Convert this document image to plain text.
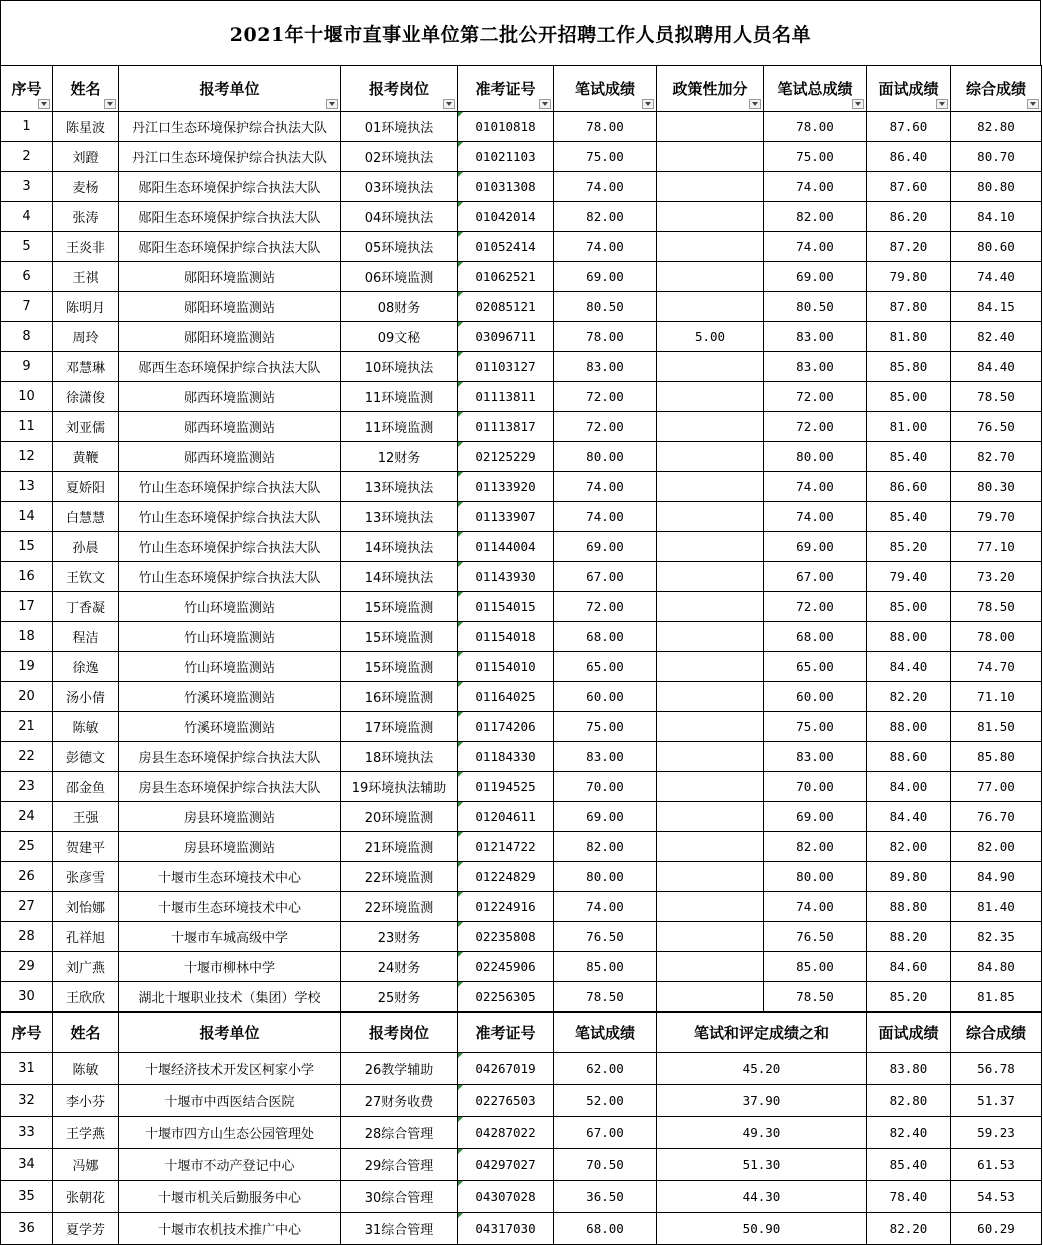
2021年十堰市直事业单位第二批公开招聘工作人员拟聘用人员名单
序号	姓名	报考单位	报考岗位	准考证号	笔试成绩	政策性加分	笔试总成绩	面试成绩	综合成绩

1	陈星波	丹江口生态环境保护综合执法大队	01环境执法	01010818	78.00		78.00	87.60	82.80
2	刘蹬	丹江口生态环境保护综合执法大队	02环境执法	01021103	75.00		75.00	86.40	80.70
3	麦杨	郧阳生态环境保护综合执法大队	03环境执法	01031308	74.00		74.00	87.60	80.80
4	张涛	郧阳生态环境保护综合执法大队	04环境执法	01042014	82.00		82.00	86.20	84.10
5	王炎非	郧阳生态环境保护综合执法大队	05环境执法	01052414	74.00		74.00	87.20	80.60
6	王祺	郧阳环境监测站	06环境监测	01062521	69.00		69.00	79.80	74.40
7	陈明月	郧阳环境监测站	08财务	02085121	80.50		80.50	87.80	84.15
8	周玲	郧阳环境监测站	09文秘	03096711	78.00	5.00	83.00	81.80	82.40
9	邓慧琳	郧西生态环境保护综合执法大队	10环境执法	01103127	83.00		83.00	85.80	84.40
10	徐潇俊	郧西环境监测站	11环境监测	01113811	72.00		72.00	85.00	78.50
11	刘亚儒	郧西环境监测站	11环境监测	01113817	72.00		72.00	81.00	76.50
12	黄鞭	郧西环境监测站	12财务	02125229	80.00		80.00	85.40	82.70
13	夏娇阳	竹山生态环境保护综合执法大队	13环境执法	01133920	74.00		74.00	86.60	80.30
14	白慧慧	竹山生态环境保护综合执法大队	13环境执法	01133907	74.00		74.00	85.40	79.70
15	孙晨	竹山生态环境保护综合执法大队	14环境执法	01144004	69.00		69.00	85.20	77.10
16	王钦文	竹山生态环境保护综合执法大队	14环境执法	01143930	67.00		67.00	79.40	73.20
17	丁香凝	竹山环境监测站	15环境监测	01154015	72.00		72.00	85.00	78.50
18	程洁	竹山环境监测站	15环境监测	01154018	68.00		68.00	88.00	78.00
19	徐逸	竹山环境监测站	15环境监测	01154010	65.00		65.00	84.40	74.70
20	汤小倩	竹溪环境监测站	16环境监测	01164025	60.00		60.00	82.20	71.10
21	陈敏	竹溪环境监测站	17环境监测	01174206	75.00		75.00	88.00	81.50
22	彭德文	房县生态环境保护综合执法大队	18环境执法	01184330	83.00		83.00	88.60	85.80
23	邵金鱼	房县生态环境保护综合执法大队	19环境执法辅助	01194525	70.00		70.00	84.00	77.00
24	王强	房县环境监测站	20环境监测	01204611	69.00		69.00	84.40	76.70
25	贺建平	房县环境监测站	21环境监测	01214722	82.00		82.00	82.00	82.00
26	张彦雪	十堰市生态环境技术中心	22环境监测	01224829	80.00		80.00	89.80	84.90
27	刘怡娜	十堰市生态环境技术中心	22环境监测	01224916	74.00		74.00	88.80	81.40
28	孔祥旭	十堰市车城高级中学	23财务	02235808	76.50		76.50	88.20	82.35
29	刘广燕	十堰市柳林中学	24财务	02245906	85.00		85.00	84.60	84.80
30	王欣欣	湖北十堰职业技术（集团）学校	25财务	02256305	78.50		78.50	85.20	81.85
序号	姓名	报考单位	报考岗位	准考证号	笔试成绩	笔试和评定成绩之和	面试成绩	综合成绩
31	陈敏	十堰经济技术开发区柯家小学	26教学辅助	04267019	62.00	45.20	83.80	56.78
32	李小芬	十堰市中西医结合医院	27财务收费	02276503	52.00	37.90	82.80	51.37
33	王学燕	十堰市四方山生态公园管理处	28综合管理	04287022	67.00	49.30	82.40	59.23
34	冯娜	十堰市不动产登记中心	29综合管理	04297027	70.50	51.30	85.40	61.53
35	张朝花	十堰市机关后勤服务中心	30综合管理	04307028	36.50	44.30	78.40	54.53
36	夏学芳	十堰市农机技术推广中心	31综合管理	04317030	68.00	50.90	82.20	60.29
